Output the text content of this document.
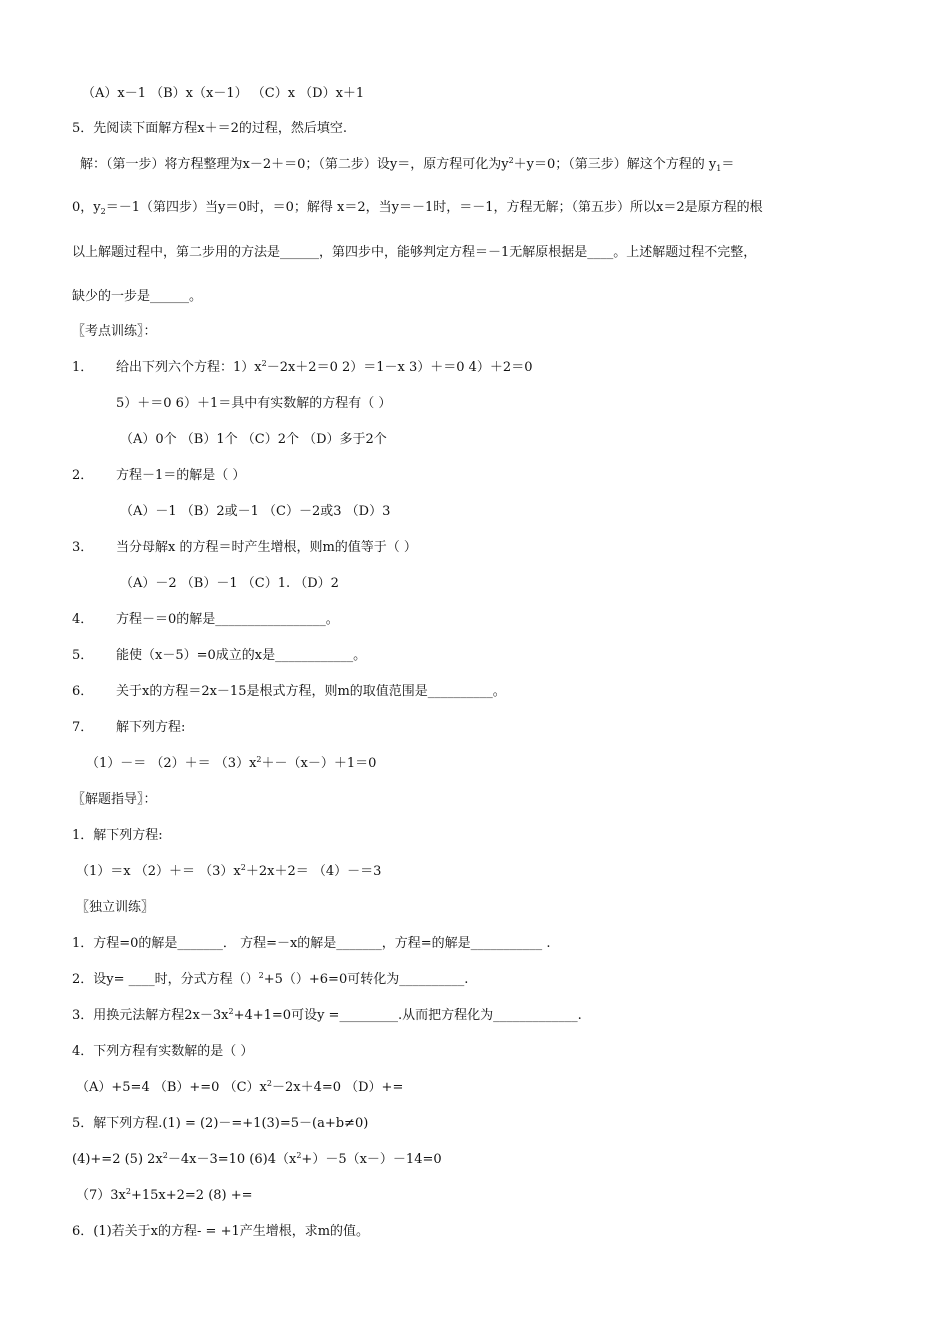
（A）x－1 （B）x（x－1） （C）x （D）x＋1
5．先阅读下面解方程x＋＝2的过程，然后填空.
解：（第一步）将方程整理为x－2＋＝0；（第二步）设y＝，原方程可化为$y^2+y=0$；（第三步）解这个方程的 $y_1=$
0，$y_2=-1$（第四步）当y＝0时，＝0；解得 x＝2，当y＝－1时，＝－1，方程无解；（第五步）所以x＝2是原方程的根
以上解题过程中，第二步用的方法是______，第四步中，能够判定方程＝－1无解原根据是____。上述解题过程不完整，
缺少的一步是______。
〖考点训练〗：
1． 给出下列六个方程：$1)x^2-2x+2=0$ 2）＝1－x 3）＋＝0 4）＋2＝0
5）＋＝0 6）＋1＝具中有实数解的方程有（ ）
（A）0个 （B）1个 （C）2个 （D）多于2个
2． 方程－1＝的解是（ ）
（A）－1 （B）2或－1 （C）－2或3 （D）3
3． 当分母解x 的方程＝时产生增根，则m的值等于（ ）
（A）－2 （B）－1 （C）1. （D）2
4． 方程－＝0的解是_________________。
5． 能使（x－5）=0成立的x是____________。
6． 关于x的方程＝2x－15是根式方程，则m的取值范围是__________。
7． 解下列方程:
$(1)-= (2)+= (3)x^2+-(x-)+1=0$
〖解题指导〗：
1．解下列方程:
（1）＝x $(2)+= (3)x^2+2x+2= (4)-=3$
〖独立训练〗
1．方程=0的解是_______． 方程=－x的解是_______，方程=的解是___________ .
2．设y= ____时，分式方程（）$^2$+5（）+6=0可转化为__________.
3．用换元法解方程$2x-3x^2+4+1=0$可设y =_________.从而把方程化为_____________.
4．下列方程有实数解的是（ ）
（A）+5=4 （B）+=0 $(C)x^2-2x+4=0$ （D）+=
5．解下列方程.(1) = (2)－=+1(3)=5－(a+b≠0)
(4)+=2 (5) $2x^2-4x-3=10$ $(6)4(x^2+)-5(x-)-14=0$
$(7)3x^2+15x+2=2$ (8) +=
6．(1)若关于x的方程- = +1产生增根，求m的值。
